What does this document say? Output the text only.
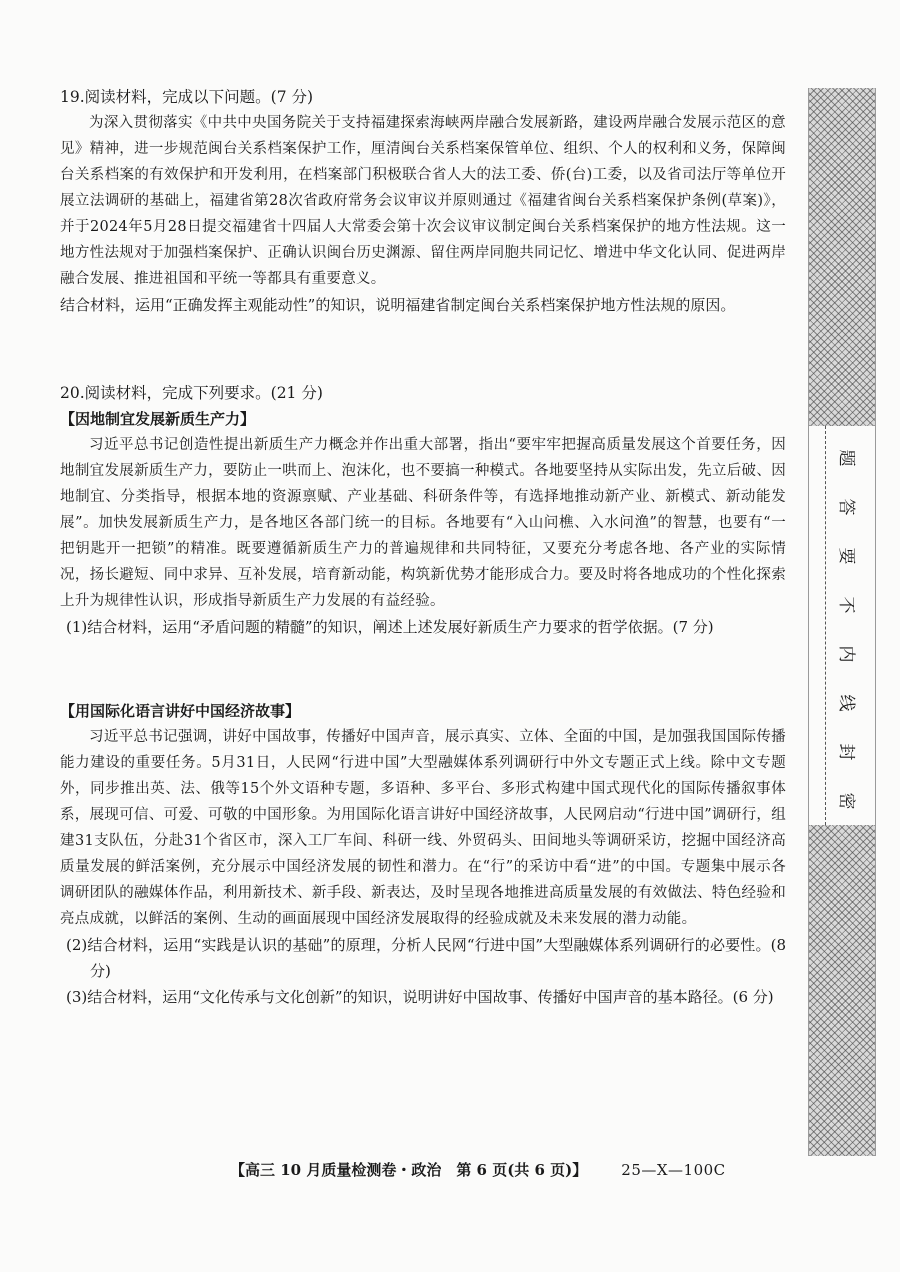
19.阅读材料，完成以下问题。(7 分)

为深入贯彻落实《中共中央国务院关于支持福建探索海峡两岸融合发展新路，建设两岸融合发展示范区的意见》精神，进一步规范闽台关系档案保护工作，厘清闽台关系档案保管单位、组织、个人的权利和义务，保障闽台关系档案的有效保护和开发利用，在档案部门积极联合省人大的法工委、侨(台)工委，以及省司法厅等单位开展立法调研的基础上，福建省第28次省政府常务会议审议并原则通过《福建省闽台关系档案保护条例(草案)》，并于2024年5月28日提交福建省十四届人大常委会第十次会议审议制定闽台关系档案保护的地方性法规。这一地方性法规对于加强档案保护、正确认识闽台历史渊源、留住两岸同胞共同记忆、增进中华文化认同、促进两岸融合发展、推进祖国和平统一等都具有重要意义。

结合材料，运用“正确发挥主观能动性”的知识，说明福建省制定闽台关系档案保护地方性法规的原因。

20.阅读材料，完成下列要求。(21 分)

【因地制宜发展新质生产力】

习近平总书记创造性提出新质生产力概念并作出重大部署，指出“要牢牢把握高质量发展这个首要任务，因地制宜发展新质生产力，要防止一哄而上、泡沫化，也不要搞一种模式。各地要坚持从实际出发，先立后破、因地制宜、分类指导，根据本地的资源禀赋、产业基础、科研条件等，有选择地推动新产业、新模式、新动能发展”。加快发展新质生产力，是各地区各部门统一的目标。各地要有“入山问樵、入水问渔”的智慧，也要有“一把钥匙开一把锁”的精准。既要遵循新质生产力的普遍规律和共同特征，又要充分考虑各地、各产业的实际情况，扬长避短、同中求异、互补发展，培育新动能，构筑新优势才能形成合力。要及时将各地成功的个性化探索上升为规律性认识，形成指导新质生产力发展的有益经验。

(1)结合材料，运用“矛盾问题的精髓”的知识，阐述上述发展好新质生产力要求的哲学依据。(7 分)

【用国际化语言讲好中国经济故事】

习近平总书记强调，讲好中国故事，传播好中国声音，展示真实、立体、全面的中国，是加强我国国际传播能力建设的重要任务。5月31日，人民网“行进中国”大型融媒体系列调研行中外文专题正式上线。除中文专题外，同步推出英、法、俄等15个外文语种专题，多语种、多平台、多形式构建中国式现代化的国际传播叙事体系，展现可信、可爱、可敬的中国形象。为用国际化语言讲好中国经济故事，人民网启动“行进中国”调研行，组建31支队伍，分赴31个省区市，深入工厂车间、科研一线、外贸码头、田间地头等调研采访，挖掘中国经济高质量发展的鲜活案例，充分展示中国经济发展的韧性和潜力。在“行”的采访中看“进”的中国。专题集中展示各调研团队的融媒体作品，利用新技术、新手段、新表达，及时呈现各地推进高质量发展的有效做法、特色经验和亮点成就，以鲜活的案例、生动的画面展现中国经济发展取得的经验成就及未来发展的潜力动能。

(2)结合材料，运用“实践是认识的基础”的原理，分析人民网“行进中国”大型融媒体系列调研行的必要性。(8 分)

(3)结合材料，运用“文化传承与文化创新”的知识，说明讲好中国故事、传播好中国声音的基本路径。(6 分)

【高三 10 月质量检测卷・政治　第 6 页(共 6 页)】 25—X—100C
密
封
线
内
不
要
答
题
